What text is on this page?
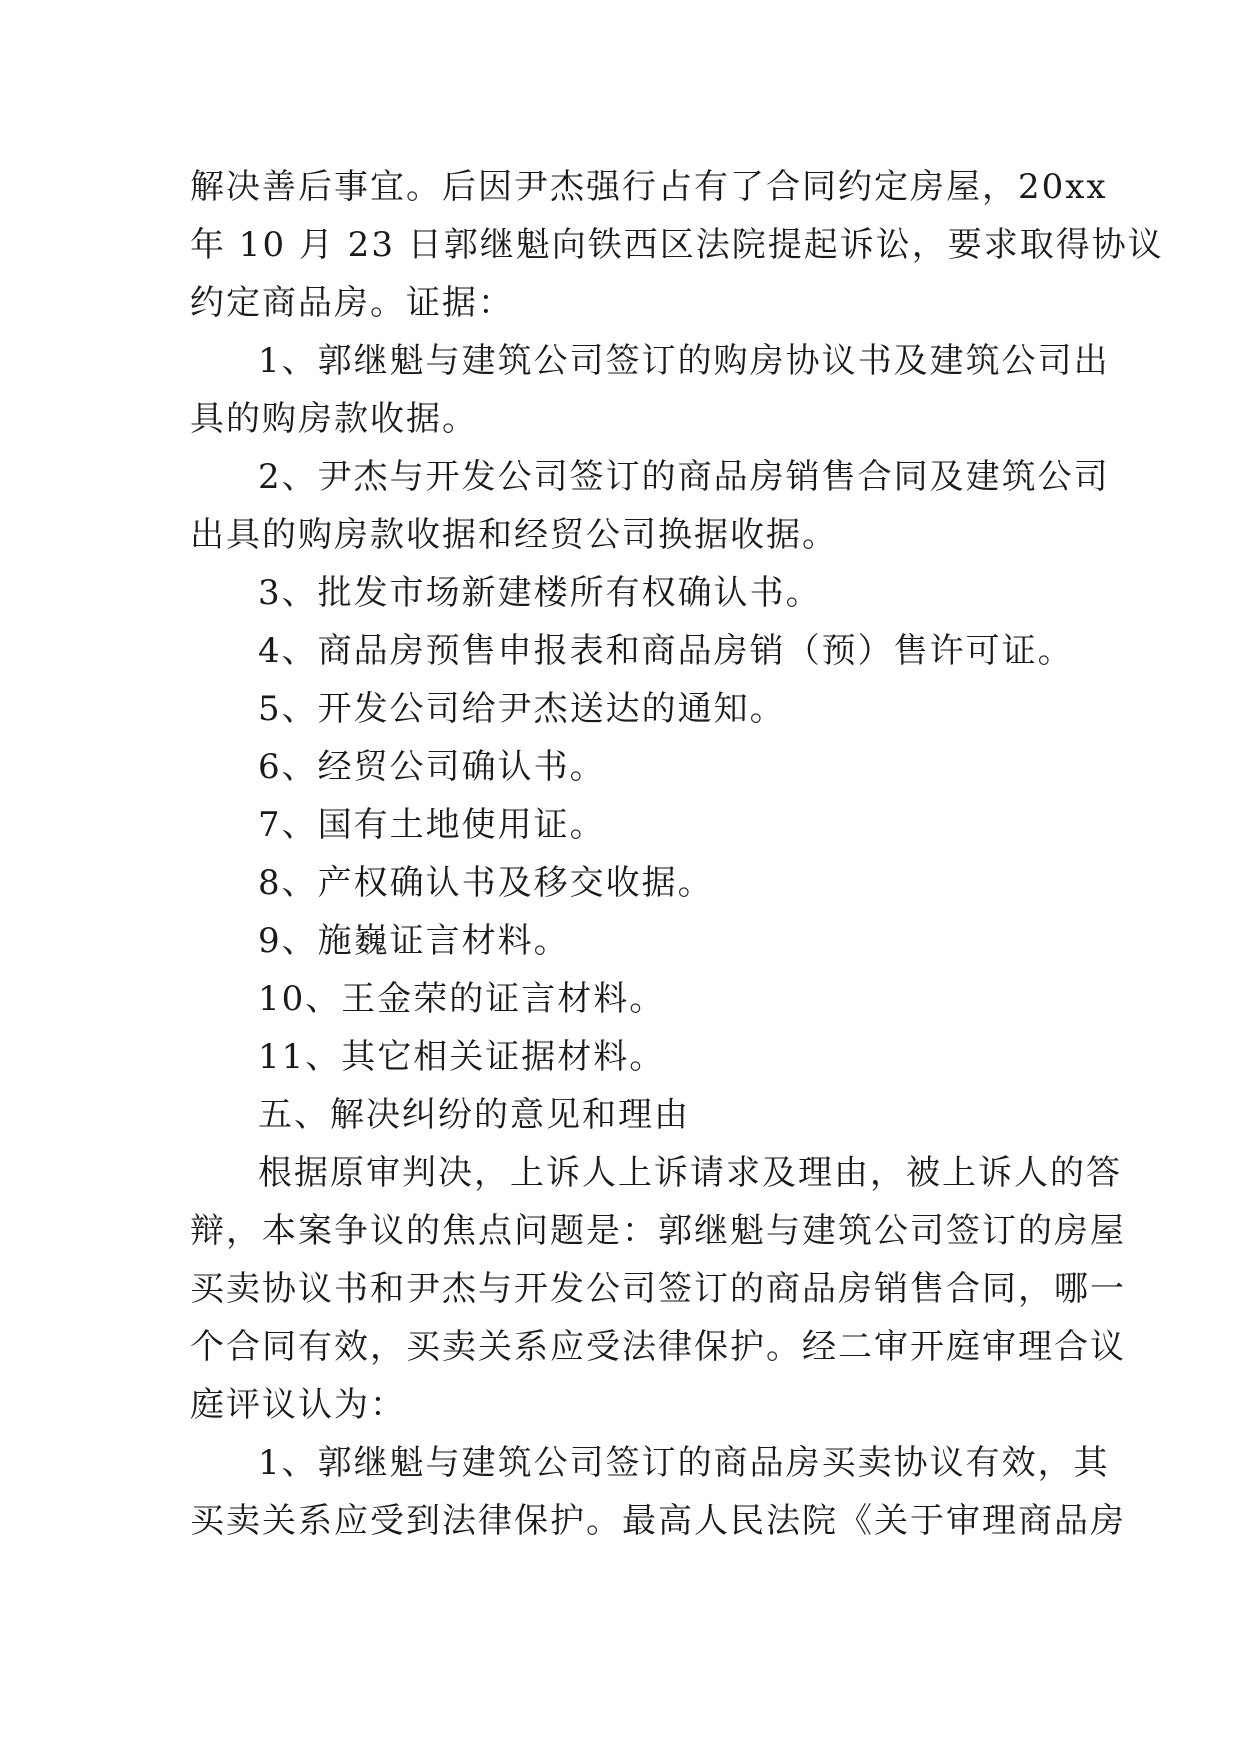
解决善后事宜。后因尹杰强行占有了合同约定房屋，20xx
年 10 月 23 日郭继魁向铁西区法院提起诉讼，要求取得协议
约定商品房。证据：
1、郭继魁与建筑公司签订的购房协议书及建筑公司出
具的购房款收据。
2、尹杰与开发公司签订的商品房销售合同及建筑公司
出具的购房款收据和经贸公司换据收据。
3、批发市场新建楼所有权确认书。
4、商品房预售申报表和商品房销（预）售许可证。
5、开发公司给尹杰送达的通知。
6、经贸公司确认书。
7、国有土地使用证。
8、产权确认书及移交收据。
9、施巍证言材料。
10、王金荣的证言材料。
11、其它相关证据材料。
五、解决纠纷的意见和理由
根据原审判决，上诉人上诉请求及理由，被上诉人的答
辩，本案争议的焦点问题是：郭继魁与建筑公司签订的房屋
买卖协议书和尹杰与开发公司签订的商品房销售合同，哪一
个合同有效，买卖关系应受法律保护。经二审开庭审理合议
庭评议认为：
1、郭继魁与建筑公司签订的商品房买卖协议有效，其
买卖关系应受到法律保护。最高人民法院《关于审理商品房
